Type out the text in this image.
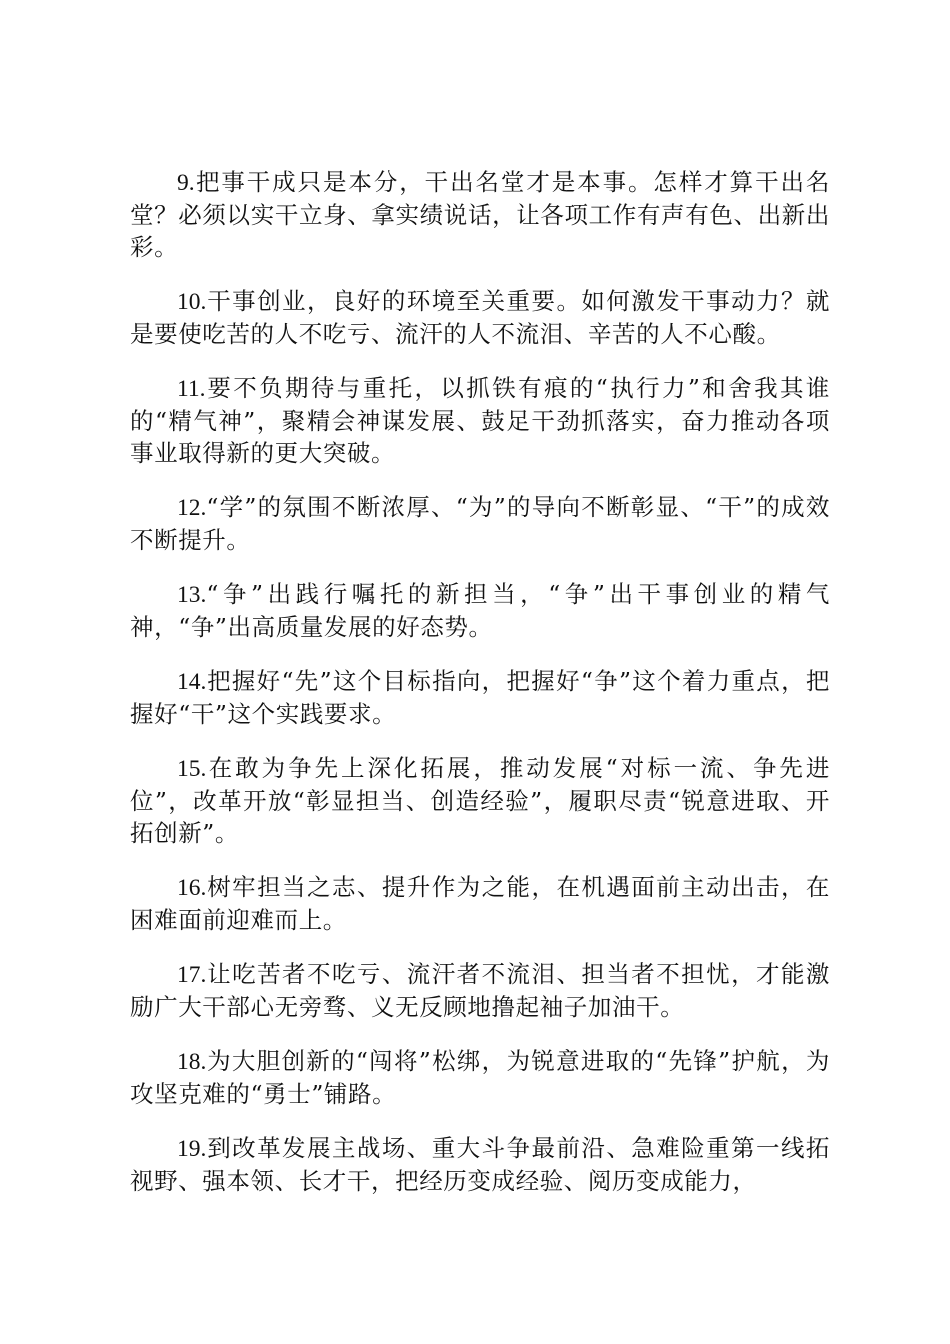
9.把事干成只是本分，干出名堂才是本事。怎样才算干出名堂？必须以实干立身、拿实绩说话，让各项工作有声有色、出新出彩。

10.干事创业，良好的环境至关重要。如何激发干事动力？就是要使吃苦的人不吃亏、流汗的人不流泪、辛苦的人不心酸。

11.要不负期待与重托，以抓铁有痕的“执行力”和舍我其谁的“精气神”，聚精会神谋发展、鼓足干劲抓落实，奋力推动各项事业取得新的更大突破。

12.“学”的氛围不断浓厚、“为”的导向不断彰显、“干”的成效不断提升。

13.“争”出践行嘱托的新担当，“争”出干事创业的精气神，“争”出高质量发展的好态势。

14.把握好“先”这个目标指向，把握好“争”这个着力重点，把握好“干”这个实践要求。

15.在敢为争先上深化拓展，推动发展“对标一流、争先进位”，改革开放“彰显担当、创造经验”，履职尽责“锐意进取、开拓创新”。

16.树牢担当之志、提升作为之能，在机遇面前主动出击，在困难面前迎难而上。

17.让吃苦者不吃亏、流汗者不流泪、担当者不担忧，才能激励广大干部心无旁骛、义无反顾地撸起袖子加油干。

18.为大胆创新的“闯将”松绑，为锐意进取的“先锋”护航，为攻坚克难的“勇士”铺路。

19.到改革发展主战场、重大斗争最前沿、急难险重第一线拓视野、强本领、长才干，把经历变成经验、阅历变成能力，
